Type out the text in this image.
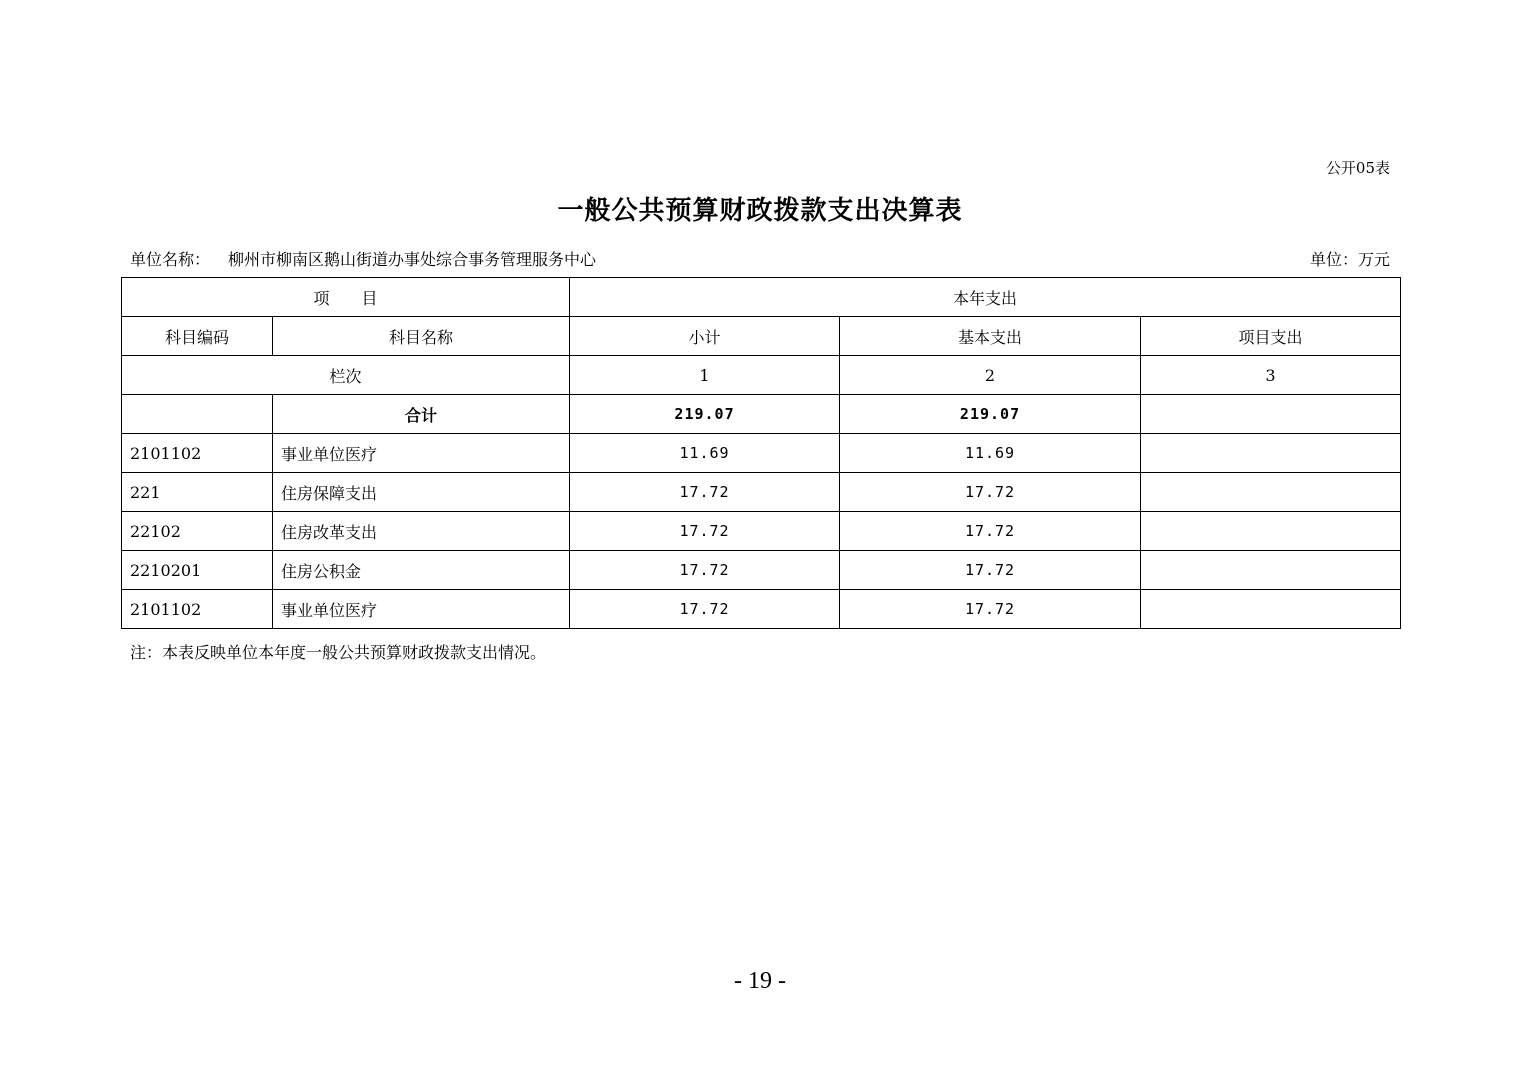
公开05表
一般公共预算财政拨款支出决算表
单位名称： 柳州市柳南区鹅山街道办事处综合事务管理服务中心	单位：万元
项　　目		本年支出		
科目编码	科目名称	小计	基本支出	项目支出
栏次		1	2	3
	合计	219.07	219.07	
2101102	事业单位医疗	11.69	11.69	
221	住房保障支出	17.72	17.72	
22102	住房改革支出	17.72	17.72	
2210201	住房公积金	17.72	17.72	
2101102	事业单位医疗	17.72	17.72	
注：本表反映单位本年度一般公共预算财政拨款支出情况。
- 19 -
